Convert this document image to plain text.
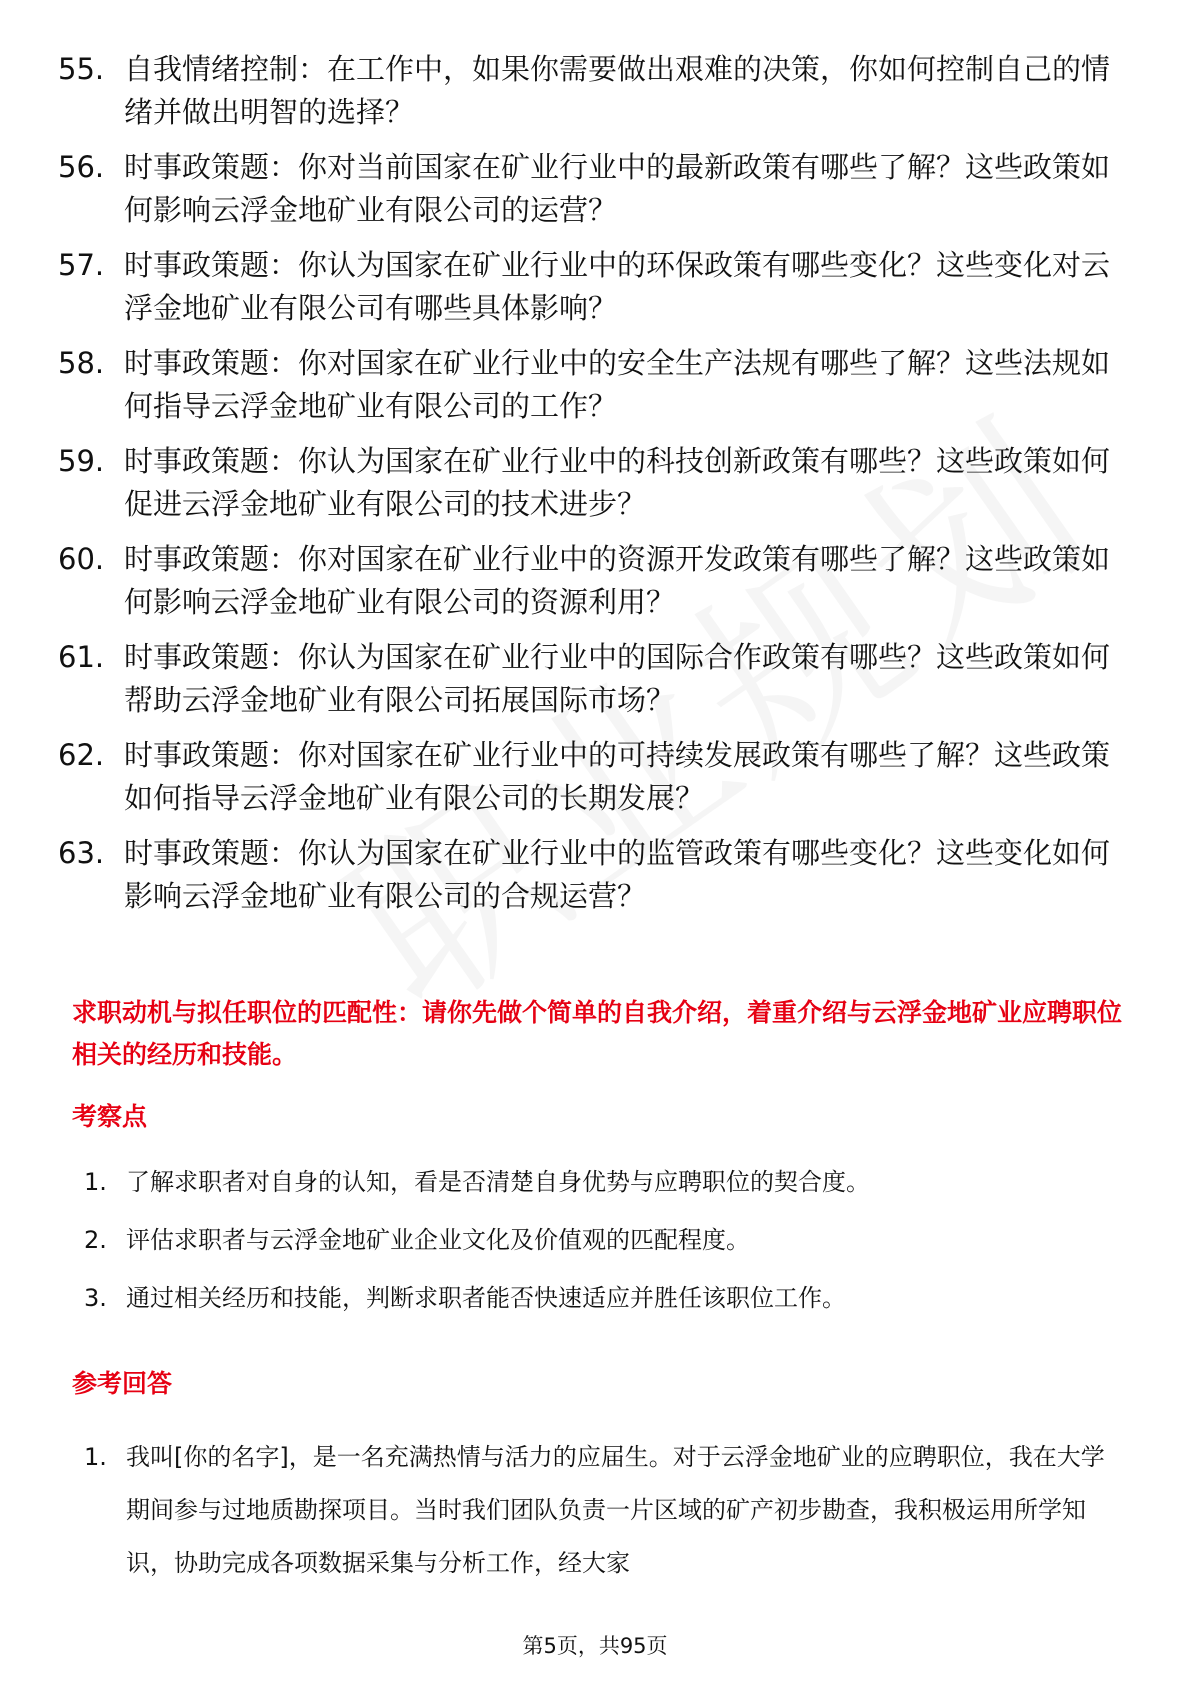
55. 自我情绪控制：在工作中，如果你需要做出艰难的决策，你如何控制自己的情绪并做出明智的选择？
56. 时事政策题：你对当前国家在矿业行业中的最新政策有哪些了解？这些政策如何影响云浮金地矿业有限公司的运营？
57. 时事政策题：你认为国家在矿业行业中的环保政策有哪些变化？这些变化对云浮金地矿业有限公司有哪些具体影响？
58. 时事政策题：你对国家在矿业行业中的安全生产法规有哪些了解？这些法规如何指导云浮金地矿业有限公司的工作？
59. 时事政策题：你认为国家在矿业行业中的科技创新政策有哪些？这些政策如何促进云浮金地矿业有限公司的技术进步？
60. 时事政策题：你对国家在矿业行业中的资源开发政策有哪些了解？这些政策如何影响云浮金地矿业有限公司的资源利用？
61. 时事政策题：你认为国家在矿业行业中的国际合作政策有哪些？这些政策如何帮助云浮金地矿业有限公司拓展国际市场？
62. 时事政策题：你对国家在矿业行业中的可持续发展政策有哪些了解？这些政策如何指导云浮金地矿业有限公司的长期发展？
63. 时事政策题：你认为国家在矿业行业中的监管政策有哪些变化？这些变化如何影响云浮金地矿业有限公司的合规运营？
求职动机与拟任职位的匹配性：请你先做个简单的自我介绍，着重介绍与云浮金地矿业应聘职位相关的经历和技能。
考察点
1. 了解求职者对自身的认知，看是否清楚自身优势与应聘职位的契合度。
2. 评估求职者与云浮金地矿业企业文化及价值观的匹配程度。
3. 通过相关经历和技能，判断求职者能否快速适应并胜任该职位工作。
参考回答
1. 我叫[你的名字]，是一名充满热情与活力的应届生。对于云浮金地矿业的应聘职位，我在大学期间参与过地质勘探项目。当时我们团队负责一片区域的矿产初步勘查，我积极运用所学知识，协助完成各项数据采集与分析工作，经大家
第5页，共95页
